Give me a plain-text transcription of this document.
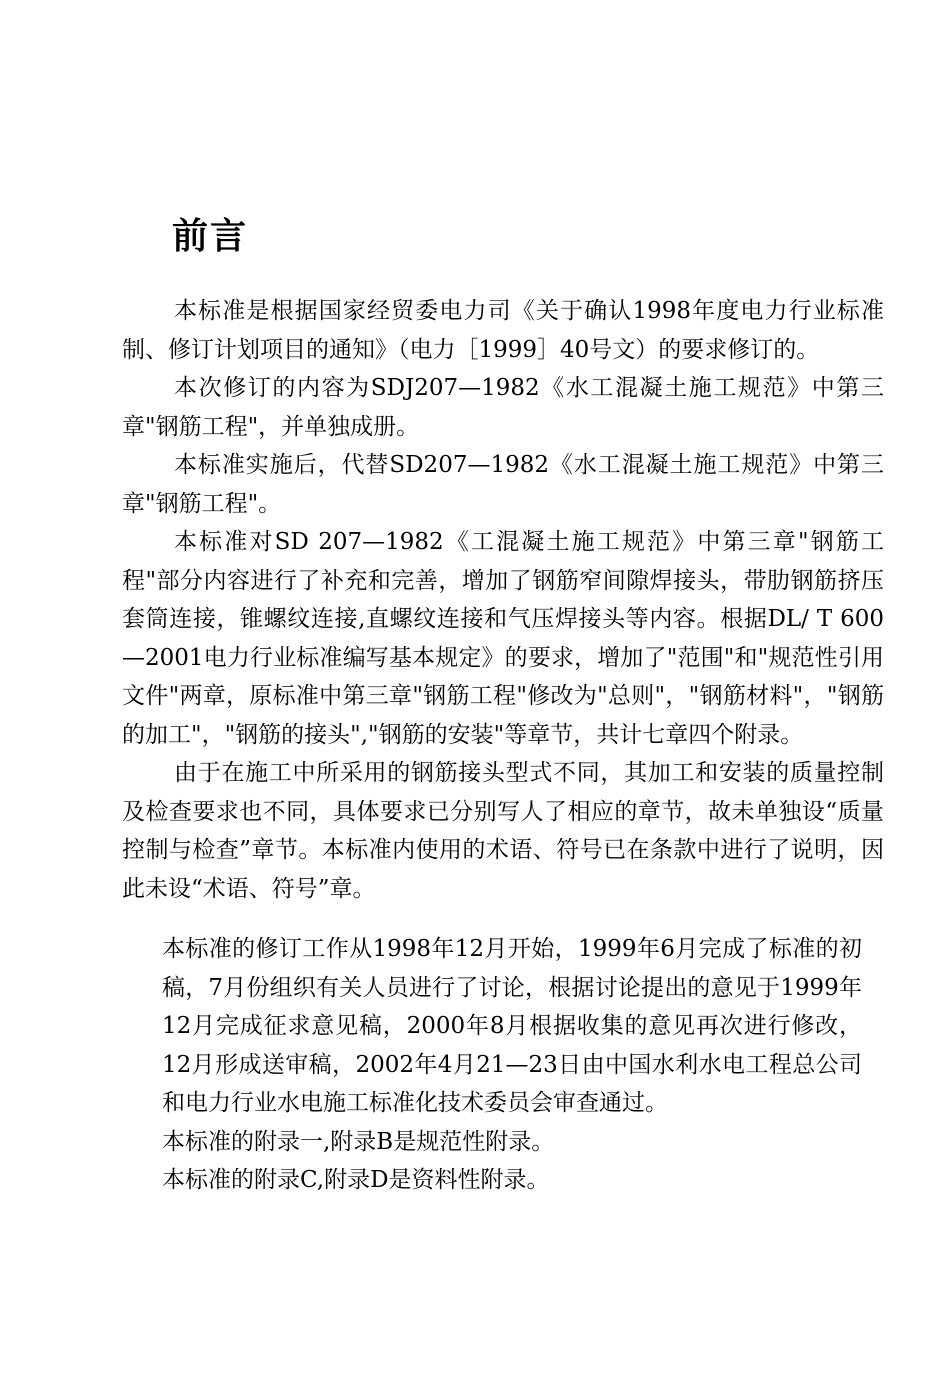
前言

本标准是根据国家经贸委电力司《关于确认1998年度电力行业标准制、修订计划项目的通知》（电力［1999］40号文）的要求修订的。

本次修订的内容为SDJ207—1982《水工混凝土施工规范》中第三章"钢筋工程"，并单独成册。

本标准实施后，代替SD207—1982《水工混凝土施工规范》中第三章"钢筋工程"。

本标准对SD 207—1982《工混凝土施工规范》中第三章"钢筋工程"部分内容进行了补充和完善，增加了钢筋窄间隙焊接头，带肋钢筋挤压套筒连接，锥螺纹连接,直螺纹连接和气压焊接头等内容。根据DL/ T 600—2001电力行业标准编写基本规定》的要求，增加了"范围"和"规范性引用文件"两章，原标准中第三章"钢筋工程"修改为"总则"，"钢筋材料"，"钢筋的加工"，"钢筋的接头","钢筋的安装"等章节，共计七章四个附录。

由于在施工中所采用的钢筋接头型式不同，其加工和安装的质量控制及检查要求也不同，具体要求已分别写人了相应的章节，故未单独设“质量控制与检查”章节。本标准内使用的术语、符号已在条款中进行了说明，因此未设“术语、符号”章。

本标准的修订工作从1998年12月开始，1999年6月完成了标准的初稿，7月份组织有关人员进行了讨论，根据讨论提出的意见于1999年12月完成征求意见稿，2000年8月根据收集的意见再次进行修改，12月形成送审稿，2002年4月21—23日由中国水利水电工程总公司和电力行业水电施工标准化技术委员会审查通过。

本标准的附录一,附录B是规范性附录。

本标准的附录C,附录D是资料性附录。
